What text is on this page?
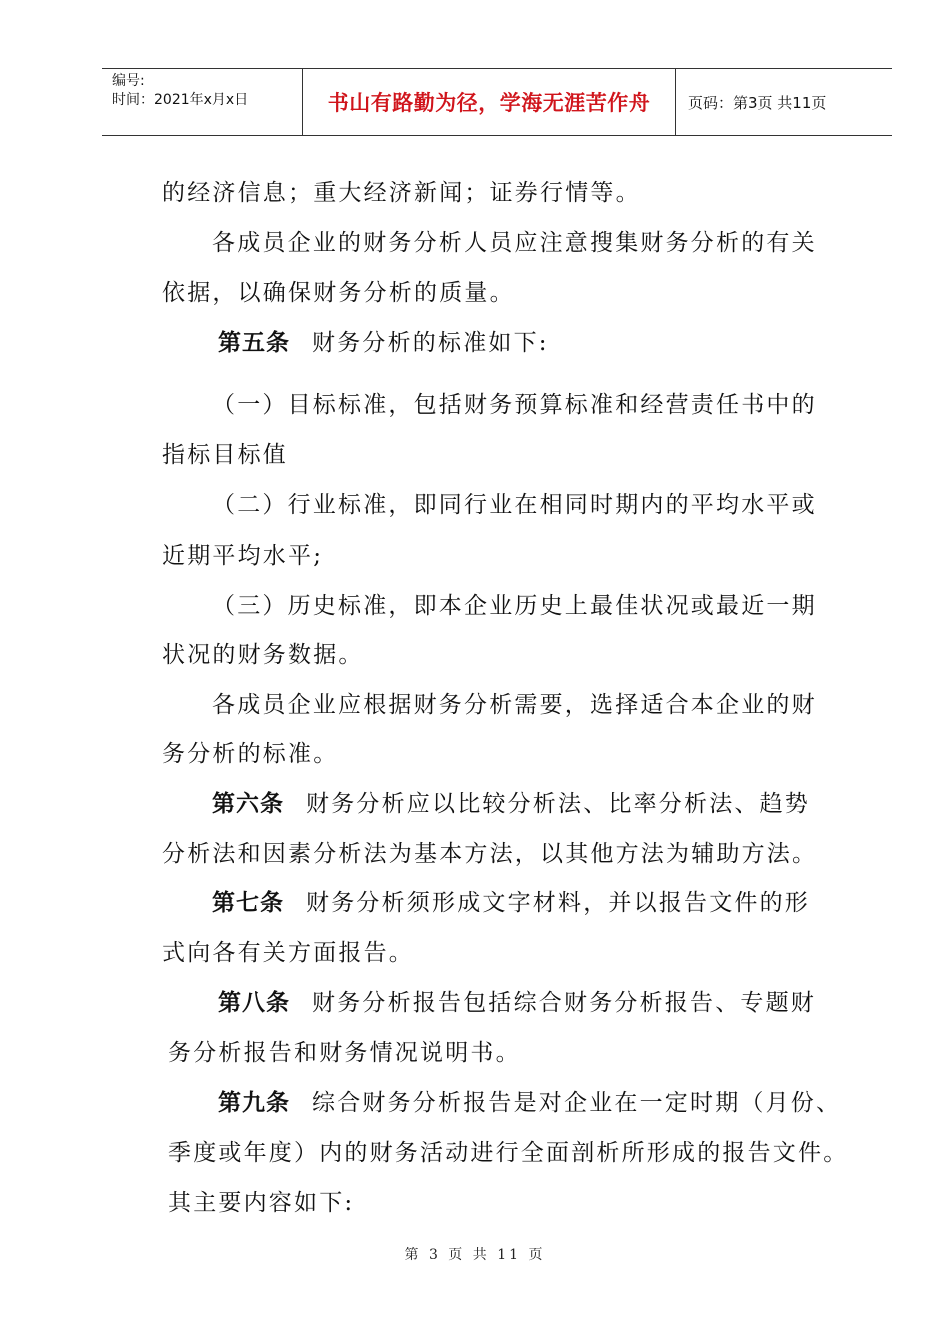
编号:
时间：2021年x月x日	书山有路勤为径，学海无涯苦作舟	页码：第3页 共11页
的经济信息；重大经济新闻；证券行情等。
各成员企业的财务分析人员应注意搜集财务分析的有关
依据，以确保财务分析的质量。
第五条 财务分析的标准如下:
（一）目标标准，包括财务预算标准和经营责任书中的
指标目标值
（二）行业标准，即同行业在相同时期内的平均水平或
近期平均水平;
（三）历史标准，即本企业历史上最佳状况或最近一期
状况的财务数据。
各成员企业应根据财务分析需要，选择适合本企业的财
务分析的标准。
第六条 财务分析应以比较分析法、比率分析法、趋势
分析法和因素分析法为基本方法，以其他方法为辅助方法。
第七条 财务分析须形成文字材料，并以报告文件的形
式向各有关方面报告。
第八条 财务分析报告包括综合财务分析报告、专题财
务分析报告和财务情况说明书。
第九条 综合财务分析报告是对企业在一定时期（月份、
季度或年度）内的财务活动进行全面剖析所形成的报告文件。
其主要内容如下:
第 3 页 共 11 页
